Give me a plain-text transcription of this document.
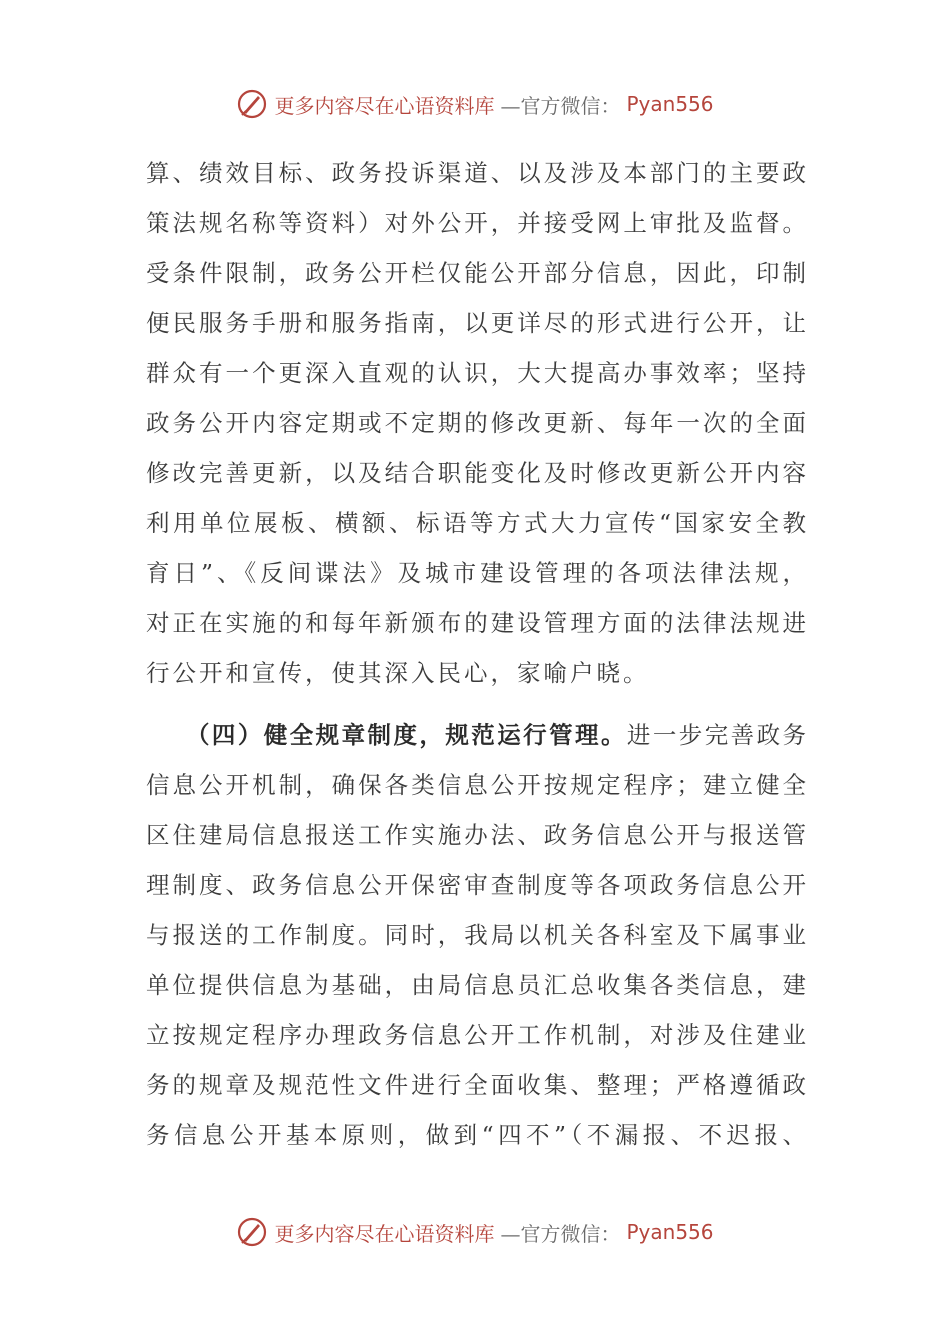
更多内容尽在心语资料库 —官方微信： Pyan556
算、绩效目标、政务投诉渠道、以及涉及本部门的主要政
策法规名称等资料）对外公开，并接受网上审批及监督。
受条件限制，政务公开栏仅能公开部分信息，因此，印制
便民服务手册和服务指南，以更详尽的形式进行公开，让
群众有一个更深入直观的认识，大大提高办事效率；坚持
政务公开内容定期或不定期的修改更新、每年一次的全面
修改完善更新，以及结合职能变化及时修改更新公开内容
利用单位展板、横额、标语等方式大力宣传“国家安全教
育日”、《反间谍法》及城市建设管理的各项法律法规，
对正在实施的和每年新颁布的建设管理方面的法律法规进
行公开和宣传，使其深入民心，家喻户晓。
（四）健全规章制度，规范运行管理。进一步完善政务
信息公开机制，确保各类信息公开按规定程序；建立健全
区住建局信息报送工作实施办法、政务信息公开与报送管
理制度、政务信息公开保密审查制度等各项政务信息公开
与报送的工作制度。同时，我局以机关各科室及下属事业
单位提供信息为基础，由局信息员汇总收集各类信息，建
立按规定程序办理政务信息公开工作机制，对涉及住建业
务的规章及规范性文件进行全面收集、整理；严格遵循政
务信息公开基本原则，做到“四不”（不漏报、不迟报、
更多内容尽在心语资料库 —官方微信： Pyan556
